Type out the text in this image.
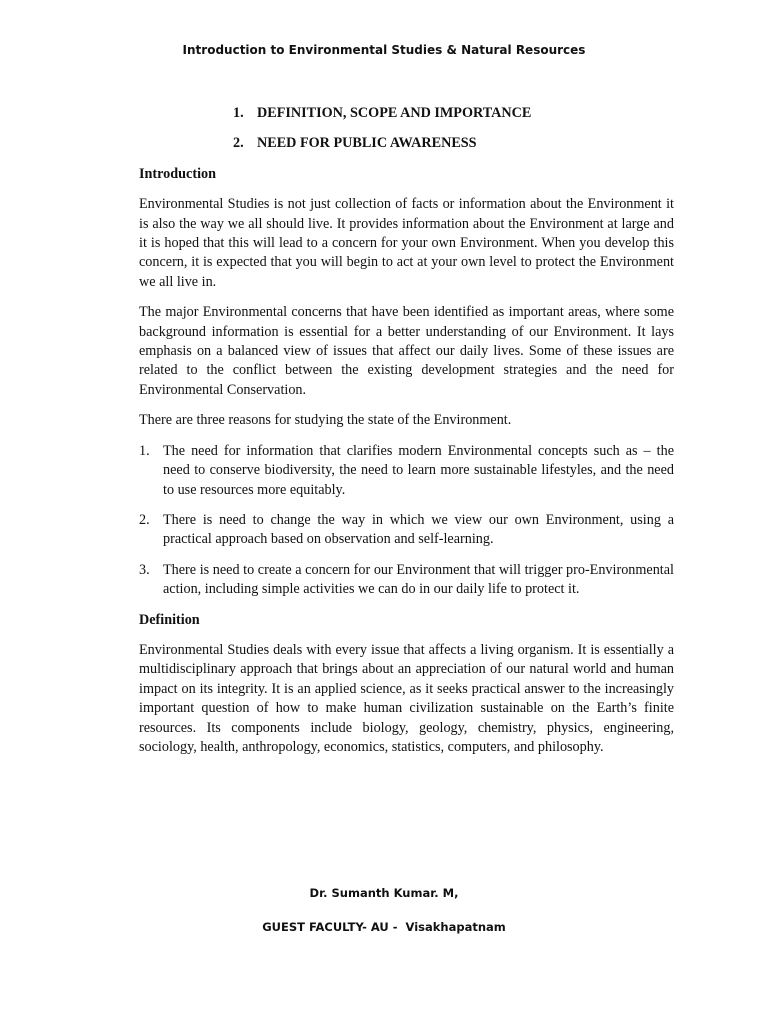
Introduction to Environmental Studies & Natural Resources
1. DEFINITION, SCOPE AND IMPORTANCE
2. NEED FOR PUBLIC AWARENESS
Introduction

Environmental Studies is not just collection of facts or information about the Environment it is also the way we all should live. It provides information about the Environment at large and it is hoped that this will lead to a concern for your own Environment. When you develop this concern, it is expected that you will begin to act at your own level to protect the Environment we all live in.

The major Environmental concerns that have been identified as important areas, where some background information is essential for a better understanding of our Environment. It lays emphasis on a balanced view of issues that affect our daily lives. Some of these issues are related to the conflict between the existing development strategies and the need for Environmental Conservation.

There are three reasons for studying the state of the Environment.

1. The need for information that clarifies modern Environmental concepts such as – the need to conserve biodiversity, the need to learn more sustainable lifestyles, and the need to use resources more equitably.
2. There is need to change the way in which we view our own Environment, using a practical approach based on observation and self-learning.
3. There is need to create a concern for our Environment that will trigger pro-Environmental action, including simple activities we can do in our daily life to protect it.
Definition

Environmental Studies deals with every issue that affects a living organism. It is essentially a multidisciplinary approach that brings about an appreciation of our natural world and human impact on its integrity. It is an applied science, as it seeks practical answer to the increasingly important question of how to make human civilization sustainable on the Earth’s finite resources. Its components include biology, geology, chemistry, physics, engineering, sociology, health, anthropology, economics, statistics, computers, and philosophy.

Dr. Sumanth Kumar. M,
GUEST FACULTY- AU -  Visakhapatnam
